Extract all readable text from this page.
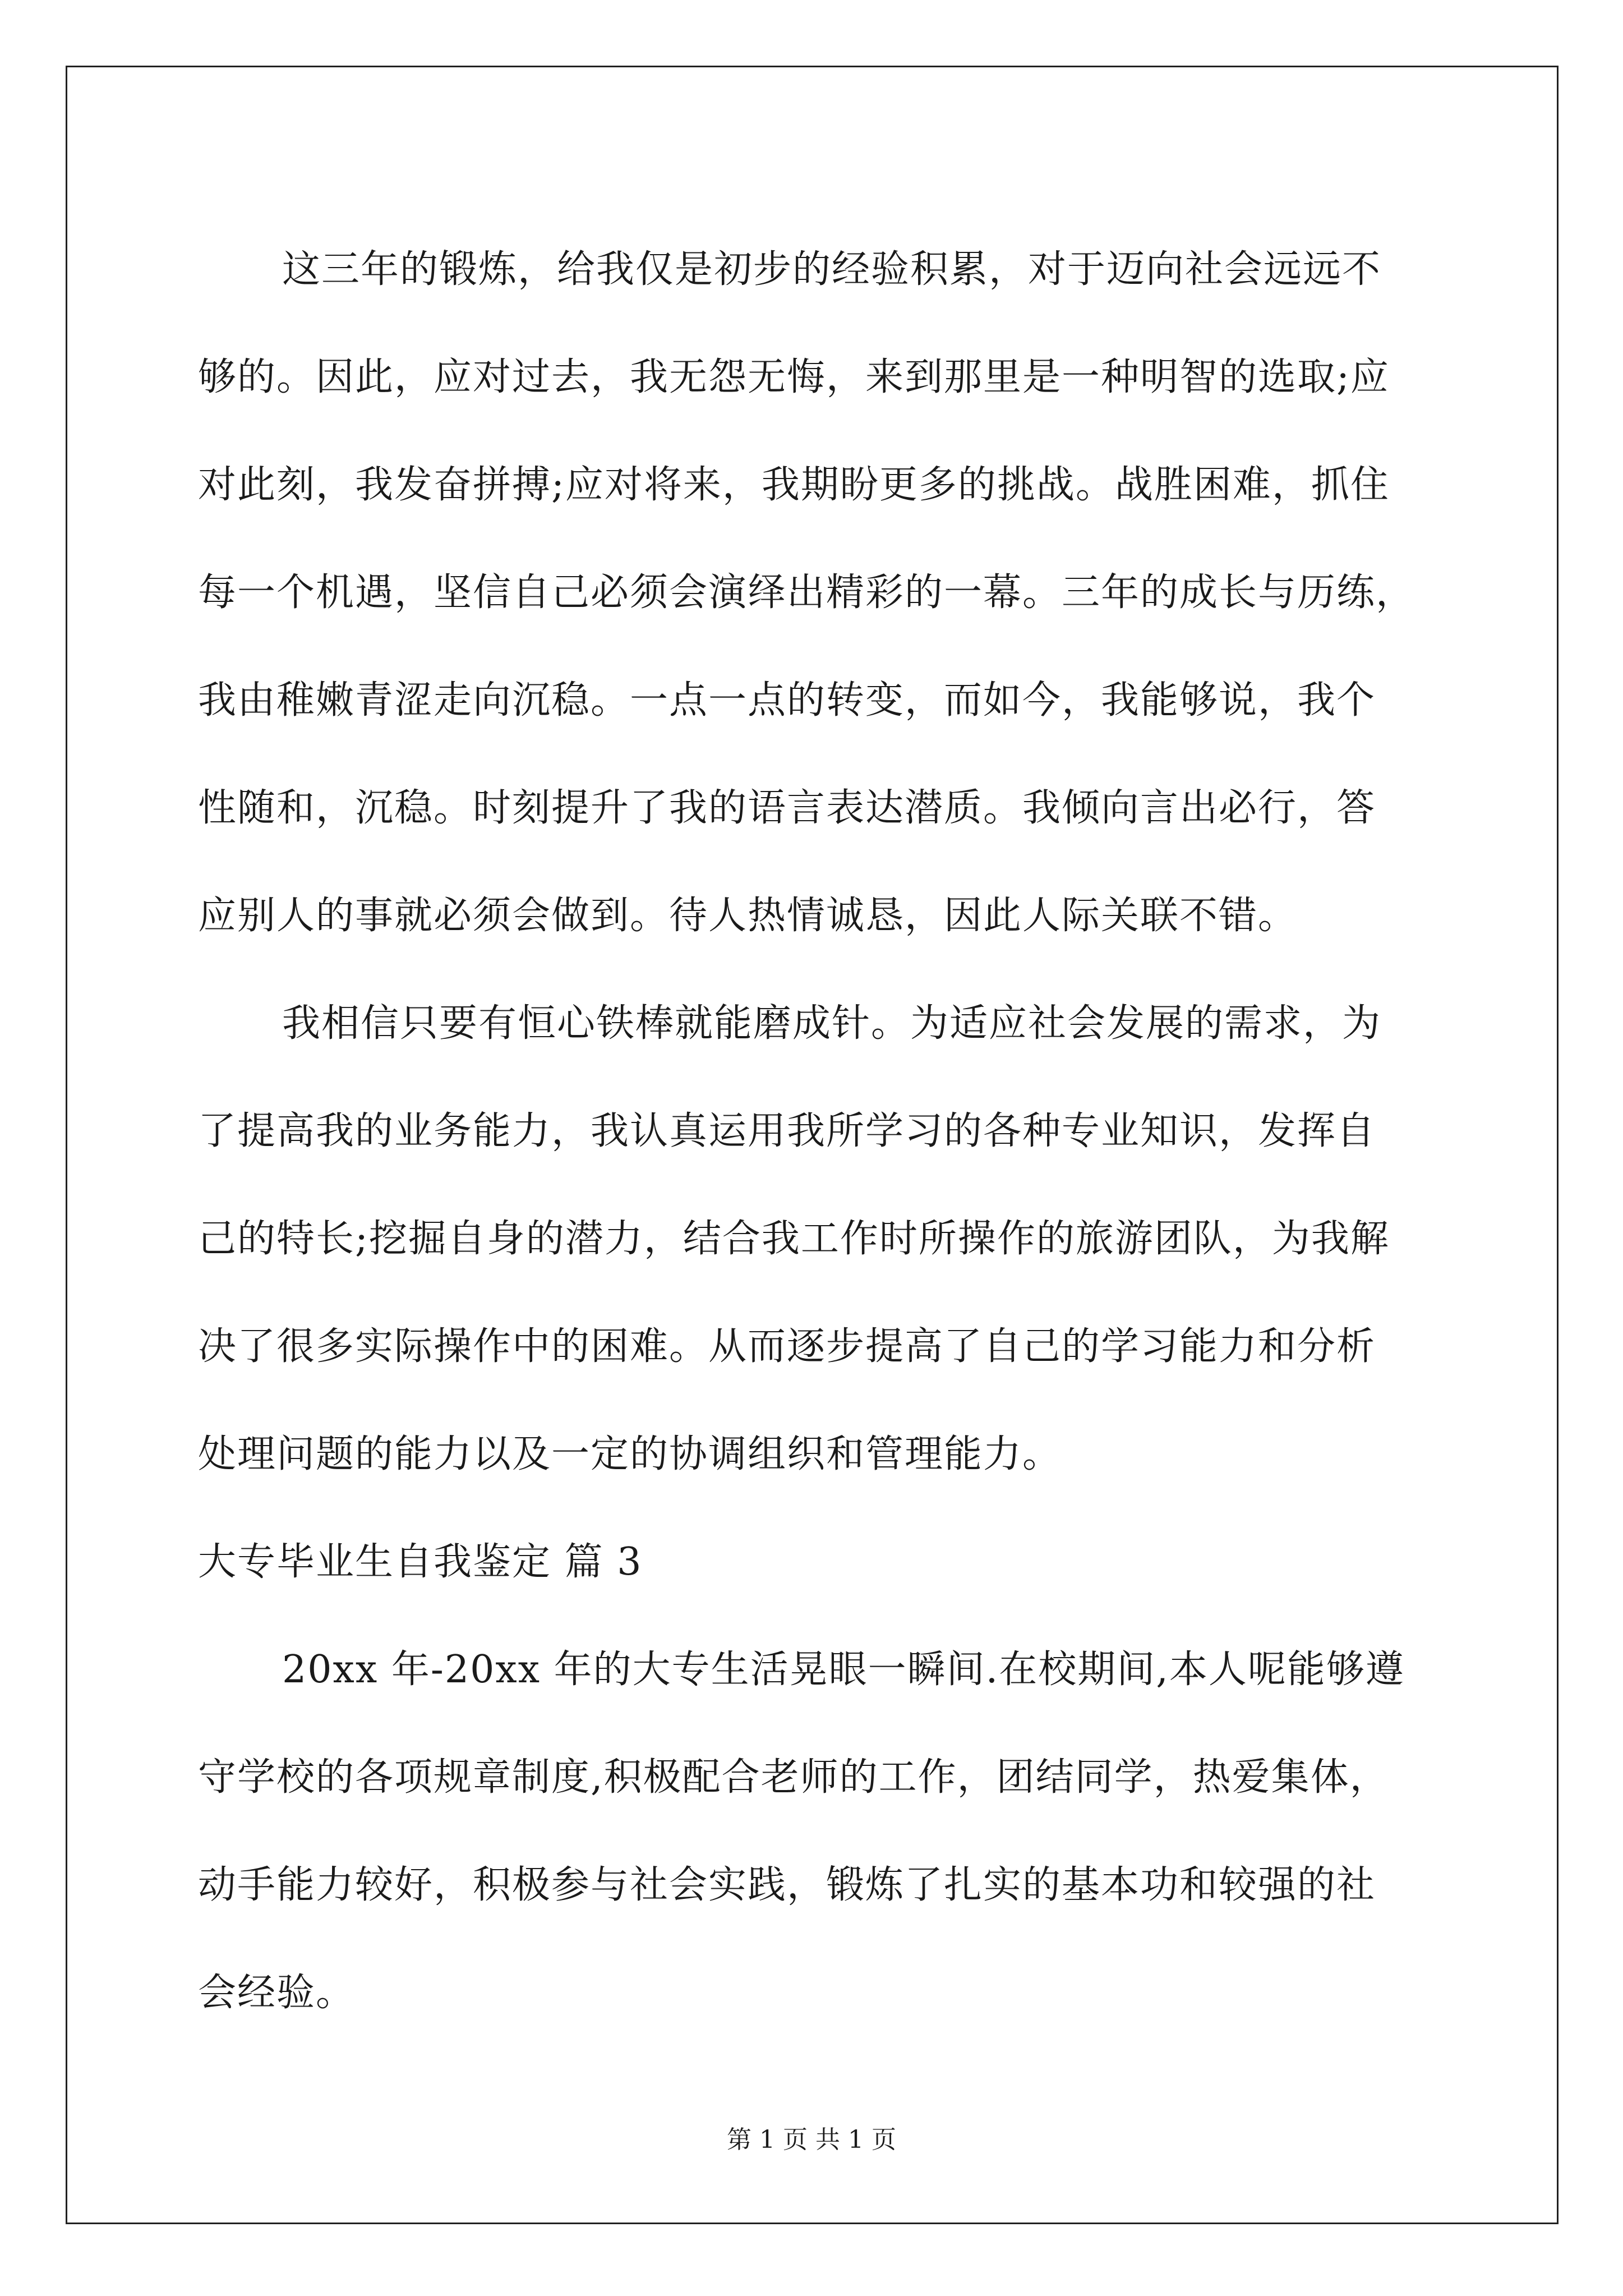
这三年的锻炼，给我仅是初步的经验积累，对于迈向社会远远不
够的。因此，应对过去，我无怨无悔，来到那里是一种明智的选取;应
对此刻，我发奋拼搏;应对将来，我期盼更多的挑战。战胜困难，抓住
每一个机遇，坚信自己必须会演绎出精彩的一幕。三年的成长与历练，
我由稚嫩青涩走向沉稳。一点一点的转变，而如今，我能够说，我个
性随和，沉稳。时刻提升了我的语言表达潜质。我倾向言出必行，答
应别人的事就必须会做到。待人热情诚恳，因此人际关联不错。
我相信只要有恒心铁棒就能磨成针。为适应社会发展的需求，为
了提高我的业务能力，我认真运用我所学习的各种专业知识，发挥自
己的特长;挖掘自身的潜力，结合我工作时所操作的旅游团队，为我解
决了很多实际操作中的困难。从而逐步提高了自己的学习能力和分析
处理问题的能力以及一定的协调组织和管理能力。

大专毕业生自我鉴定 篇 3

20xx 年-20xx 年的大专生活晃眼一瞬间.在校期间,本人呢能够遵
守学校的各项规章制度,积极配合老师的工作，团结同学，热爱集体，
动手能力较好，积极参与社会实践，锻炼了扎实的基本功和较强的社
会经验。
第 1 页 共 1 页
